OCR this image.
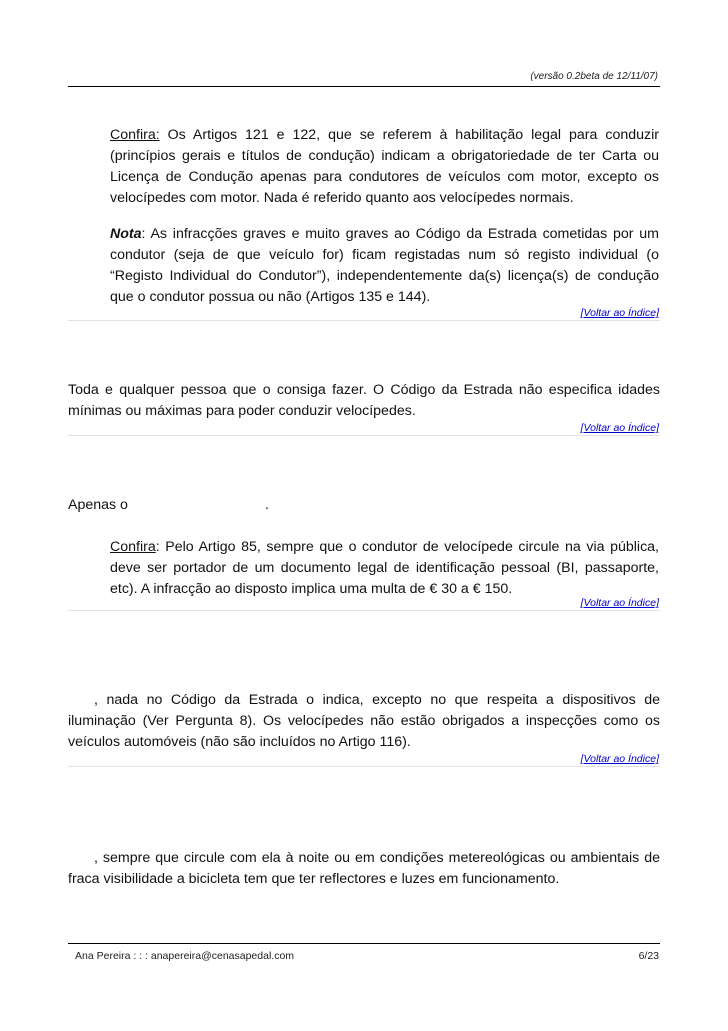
(versão 0.2beta de 12/11/07)
Confira: Os Artigos 121 e 122, que se referem à habilitação legal para conduzir (princípios gerais e títulos de condução) indicam a obrigatoriedade de ter Carta ou Licença de Condução apenas para condutores de veículos com motor, excepto os velocípedes com motor. Nada é referido quanto aos velocípedes normais.
Nota: As infracções graves e muito graves ao Código da Estrada cometidas por um condutor (seja de que veículo for) ficam registadas num só registo individual (o “Registo Individual do Condutor”), independentemente da(s) licença(s) de condução que o condutor possua ou não (Artigos 135 e 144).
[Voltar ao Índice]
Toda e qualquer pessoa que o consiga fazer. O Código da Estrada não especifica idades mínimas ou máximas para poder conduzir velocípedes.
[Voltar ao Índice]
Apenas o	.
Confira: Pelo Artigo 85, sempre que o condutor de velocípede circule na via pública, deve ser portador de um documento legal de identificação pessoal (BI, passaporte, etc). A infracção ao disposto implica uma multa de € 30 a € 150.
[Voltar ao Índice]
, nada no Código da Estrada o indica, excepto no que respeita a dispositivos de iluminação (Ver Pergunta 8). Os velocípedes não estão obrigados a inspecções como os veículos automóveis (não são incluídos no Artigo 116).
[Voltar ao Índice]
, sempre que circule com ela à noite ou em condições metereológicas ou ambientais de fraca visibilidade a bicicleta tem que ter reflectores e luzes em funcionamento.
Ana Pereira : : : anapereira@cenasapedal.com	6/23
